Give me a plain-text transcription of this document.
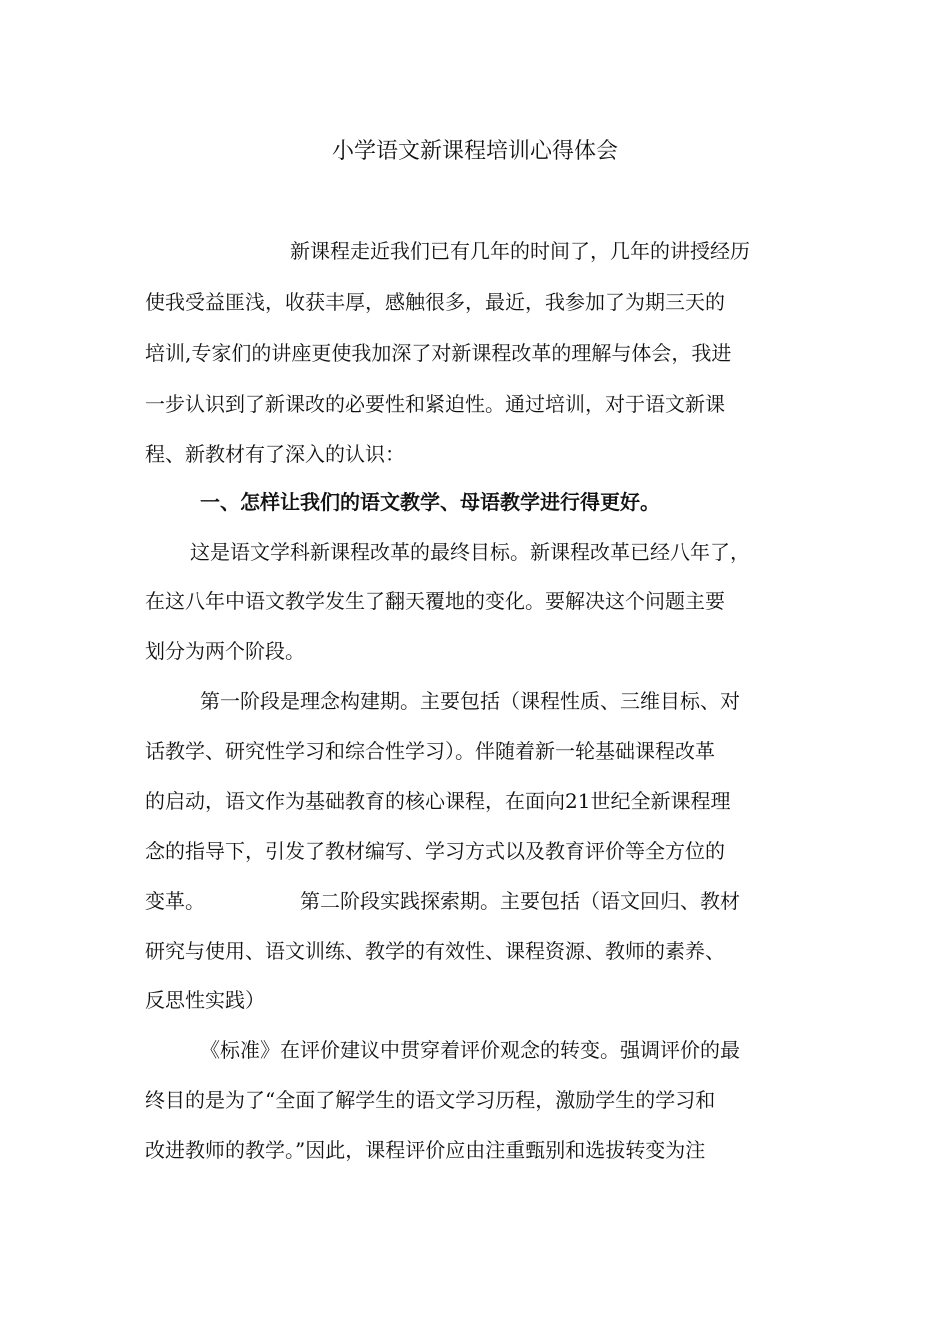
小学语文新课程培训心得体会

新课程走近我们已有几年的时间了，几年的讲授经历

使我受益匪浅，收获丰厚，感触很多，最近，我参加了为期三天的

培训,专家们的讲座更使我加深了对新课程改革的理解与体会，我进

一步认识到了新课改的必要性和紧迫性。通过培训，对于语文新课

程、新教材有了深入的认识：

一、怎样让我们的语文教学、母语教学进行得更好。

这是语文学科新课程改革的最终目标。新课程改革已经八年了，

在这八年中语文教学发生了翻天覆地的变化。要解决这个问题主要

划分为两个阶段。

第一阶段是理念构建期。主要包括（课程性质、三维目标、对

话教学、研究性学习和综合性学习）。伴随着新一轮基础课程改革

的启动，语文作为基础教育的核心课程，在面向21世纪全新课程理

念的指导下，引发了教材编写、学习方式以及教育评价等全方位的

变革。	第二阶段实践探索期。主要包括（语文回归、教材

研究与使用、语文训练、教学的有效性、课程资源、教师的素养、

反思性实践）

《标准》在评价建议中贯穿着评价观念的转变。强调评价的最

终目的是为了“全面了解学生的语文学习历程，激励学生的学习和

改进教师的教学。”因此，课程评价应由注重甄别和选拔转变为注
